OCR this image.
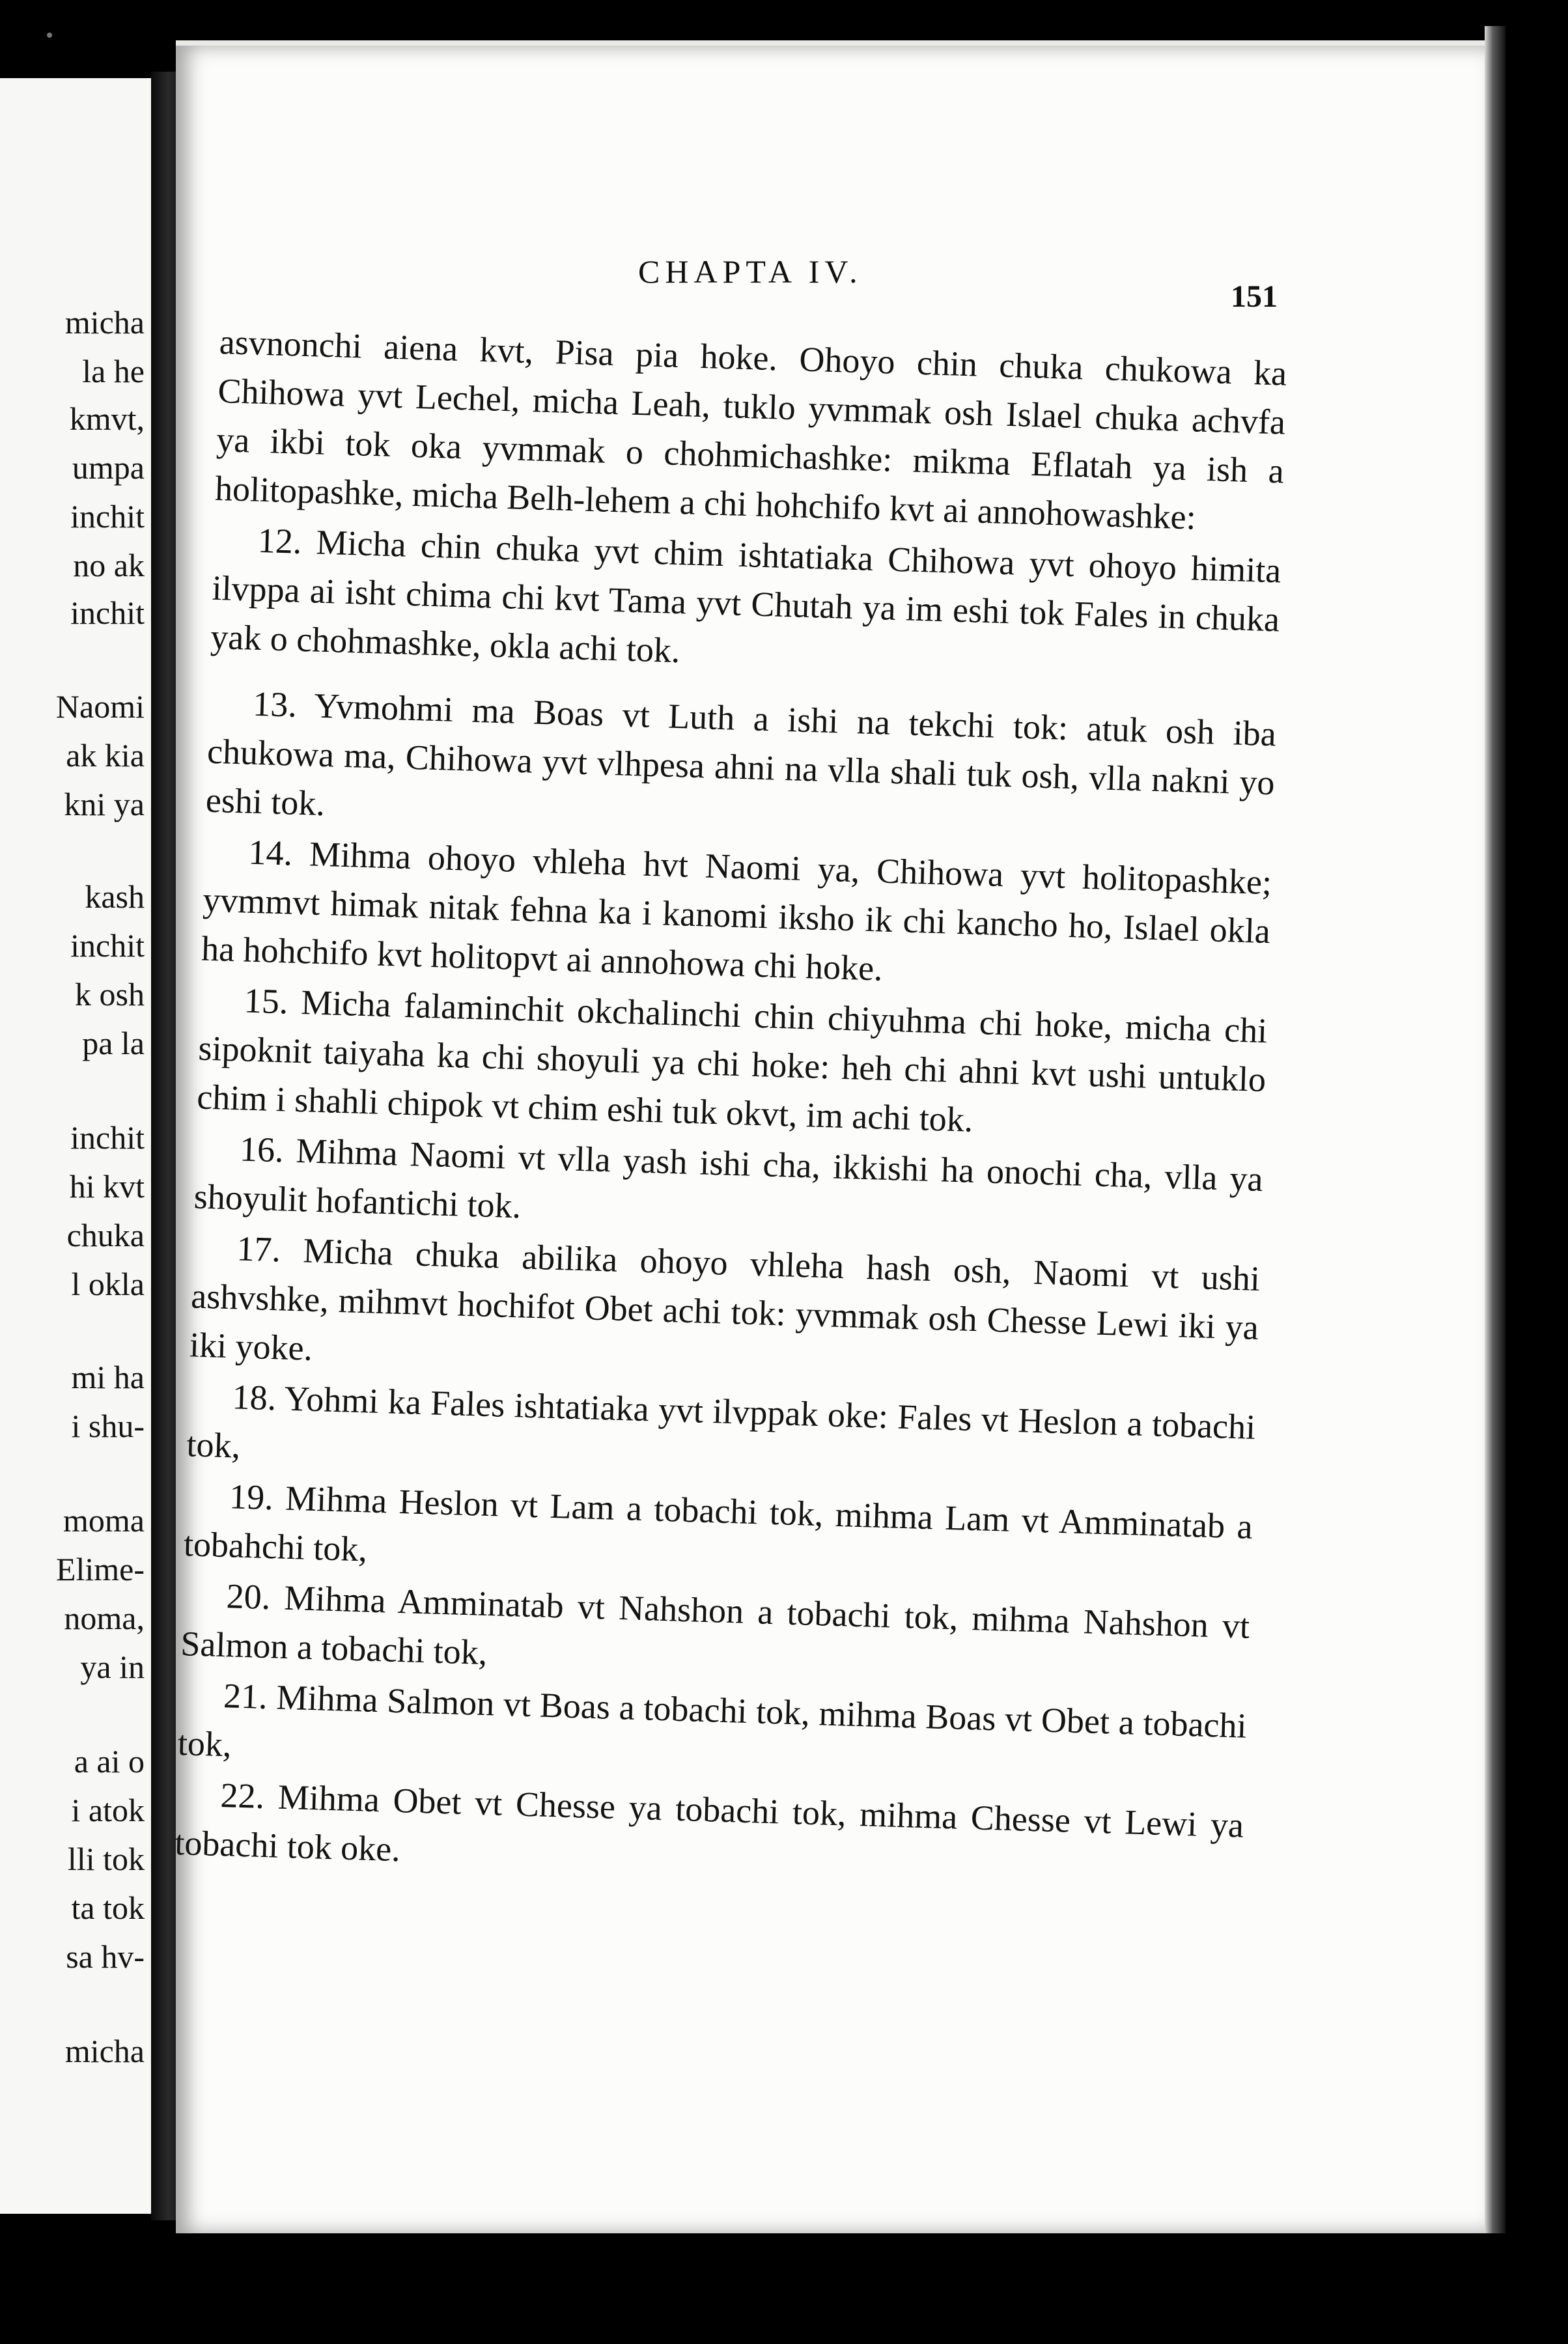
micha
la he
kmvt,
umpa
inchit
no ak
inchit
Naomi
ak kia
kni ya
kash
inchit
k osh
pa la
inchit
hi kvt
chuka
l okla
mi ha
i shu-
moma
Elime-
noma,
ya in
a ai o
i atok
lli tok
ta tok
sa hv-
micha
CHAPTA IV.
151

asvnonchi aiena kvt, Pisa pia hoke. Ohoyo chin chuka chukowa ka Chihowa yvt Lechel, micha Leah, tuklo yvmmak osh Islael chuka achvfa ya ikbi tok oka yvmmak o chohmichashke: mikma Eflatah ya ish a holitopashke, micha Belh-lehem a chi hohchifo kvt ai annohowashke:

12. Micha chin chuka yvt chim ishtatiaka Chihowa yvt ohoyo himita ilvppa ai isht chima chi kvt Tama yvt Chutah ya im eshi tok Fales in chuka yak o chohmashke, okla achi tok.

13. Yvmohmi ma Boas vt Luth a ishi na tekchi tok: atuk osh iba chukowa ma, Chihowa yvt vlhpesa ahni na vlla shali tuk osh, vlla nakni yo eshi tok.

14. Mihma ohoyo vhleha hvt Naomi ya, Chihowa yvt holitopashke; yvmmvt himak nitak fehna ka i kanomi iksho ik chi kancho ho, Islael okla ha hohchifo kvt holitopvt ai annohowa chi hoke.

15. Micha falaminchit okchalinchi chin chiyuhma chi hoke, micha chi sipoknit taiyaha ka chi shoyuli ya chi hoke: heh chi ahni kvt ushi untuklo chim i shahli chipok vt chim eshi tuk okvt, im achi tok.

16. Mihma Naomi vt vlla yash ishi cha, ikkishi ha onochi cha, vlla ya shoyulit hofantichi tok.

17. Micha chuka abilika ohoyo vhleha hash osh, Naomi vt ushi ashvshke, mihmvt hochifot Obet achi tok: yvmmak osh Chesse Lewi iki ya iki yoke.

18. Yohmi ka Fales ishtatiaka yvt ilvppak oke: Fales vt Heslon a tobachi tok,

19. Mihma Heslon vt Lam a tobachi tok, mihma Lam vt Amminatab a tobahchi tok,

20. Mihma Amminatab vt Nahshon a tobachi tok, mihma Nahshon vt Salmon a tobachi tok,

21. Mihma Salmon vt Boas a tobachi tok, mihma Boas vt Obet a tobachi tok,

22. Mihma Obet vt Chesse ya tobachi tok, mihma Chesse vt Lewi ya tobachi tok oke.
